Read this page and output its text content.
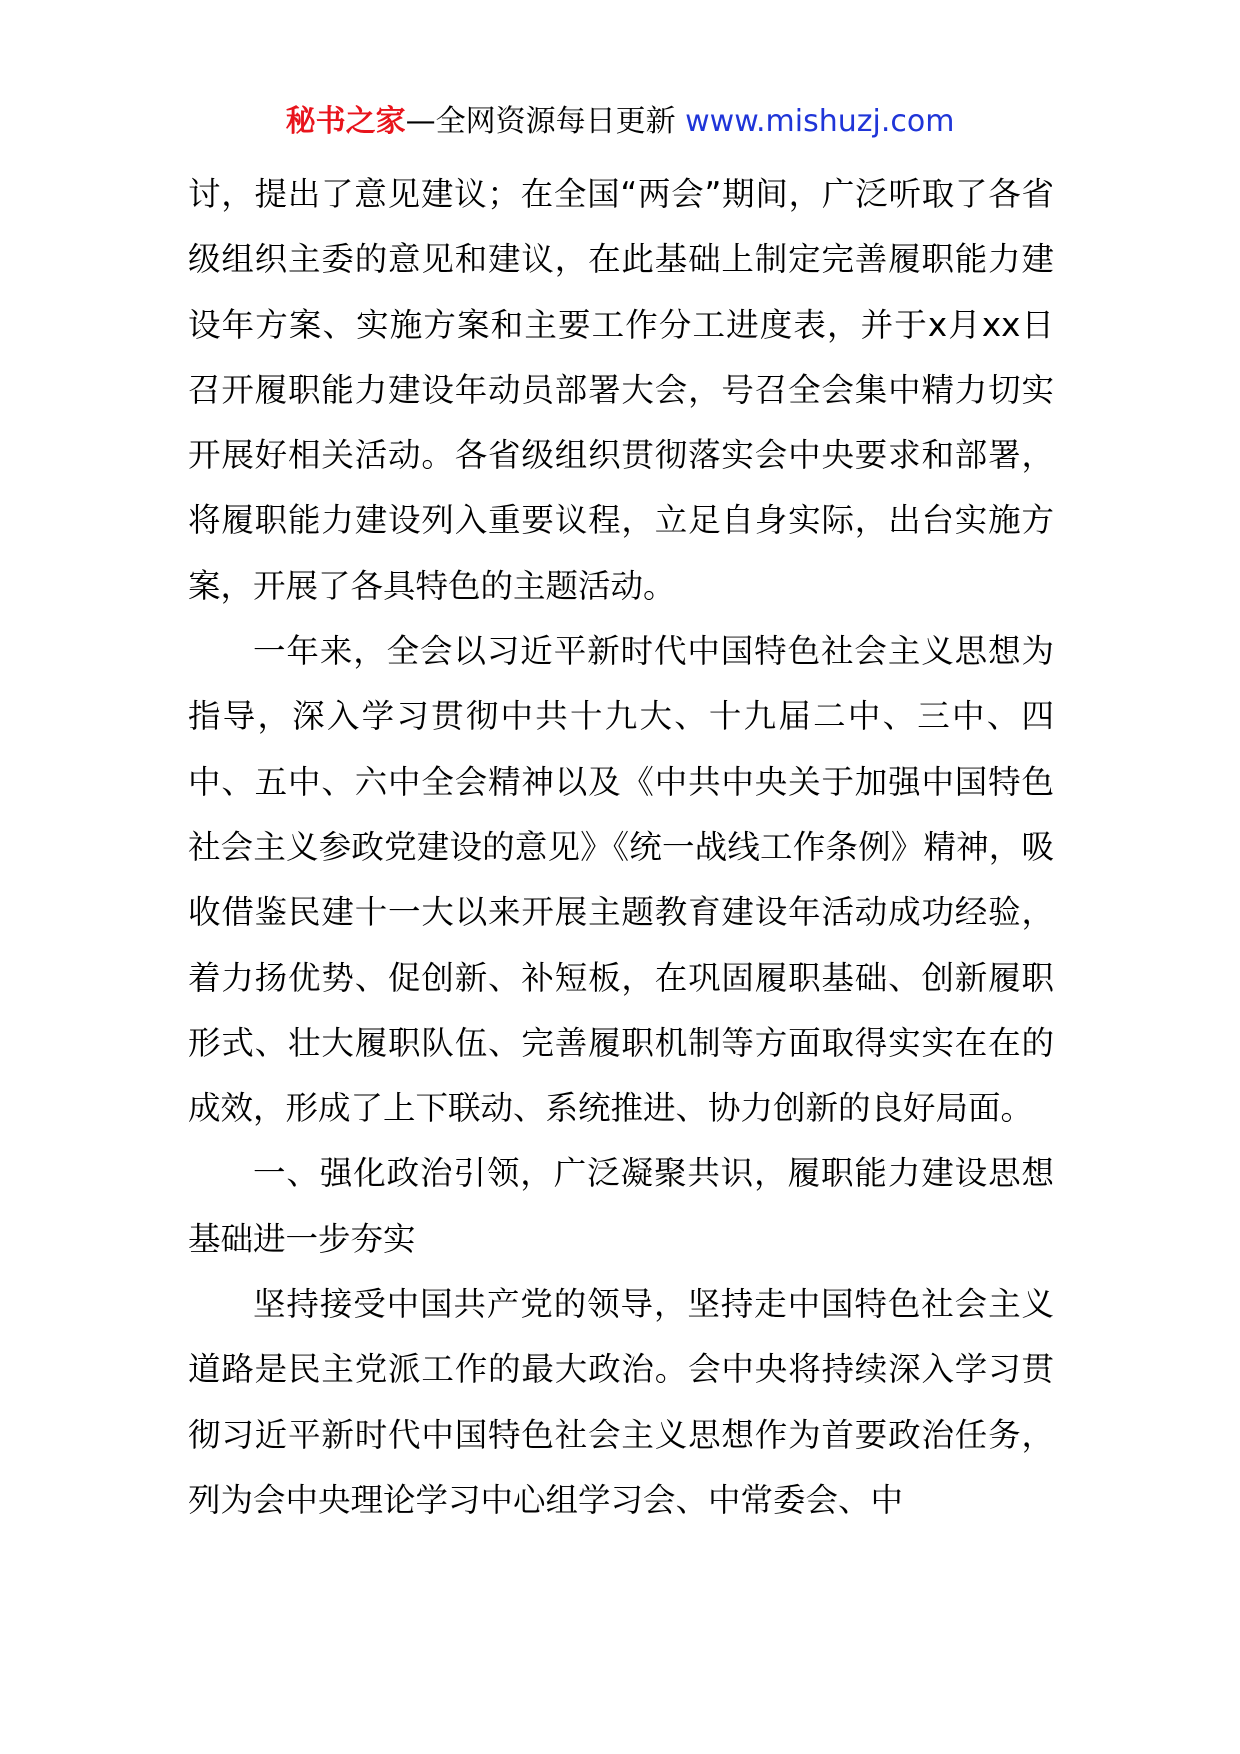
秘书之家—全网资源每日更新 www.mishuzj.com

讨，提出了意见建议；在全国“两会”期间，广泛听取了各省级组织主委的意见和建议，在此基础上制定完善履职能力建设年方案、实施方案和主要工作分工进度表，并于x月xx日召开履职能力建设年动员部署大会，号召全会集中精力切实开展好相关活动。各省级组织贯彻落实会中央要求和部署，将履职能力建设列入重要议程，立足自身实际，出台实施方案，开展了各具特色的主题活动。

一年来，全会以习近平新时代中国特色社会主义思想为指导，深入学习贯彻中共十九大、十九届二中、三中、四中、五中、六中全会精神以及《中共中央关于加强中国特色社会主义参政党建设的意见》《统一战线工作条例》精神，吸收借鉴民建十一大以来开展主题教育建设年活动成功经验，着力扬优势、促创新、补短板，在巩固履职基础、创新履职形式、壮大履职队伍、完善履职机制等方面取得实实在在的成效，形成了上下联动、系统推进、协力创新的良好局面。

一、强化政治引领，广泛凝聚共识，履职能力建设思想基础进一步夯实

坚持接受中国共产党的领导，坚持走中国特色社会主义道路是民主党派工作的最大政治。会中央将持续深入学习贯彻习近平新时代中国特色社会主义思想作为首要政治任务，列为会中央理论学习中心组学习会、中常委会、中
